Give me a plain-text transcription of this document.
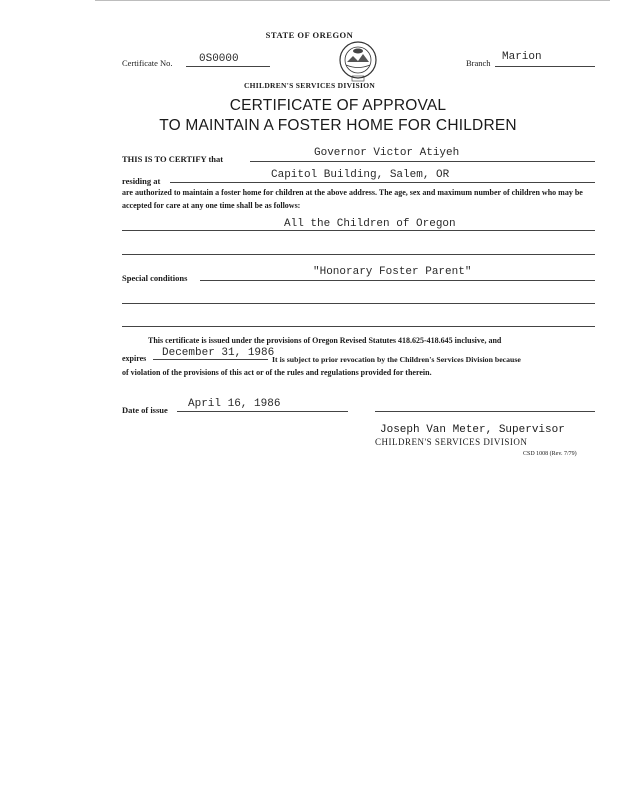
STATE OF OREGON
CHILDREN'S SERVICES DIVISION
CERTIFICATE OF APPROVAL
TO MAINTAIN A FOSTER HOME FOR CHILDREN
Certificate No. 0S0000	Branch Marion
THIS IS TO CERTIFY that	Governor Victor Atiyeh
residing at	Capitol Building, Salem, OR
are authorized to maintain a foster home for children at the above address. The age, sex and maximum number of children who may be accepted for care at any one time shall be as follows:
All the Children of Oregon
Special conditions	"Honorary Foster Parent"
This certificate is issued under the provisions of Oregon Revised Statutes 418.625-418.645 inclusive, and
expires December 31, 1986
It is subject to prior revocation by the Children's Services Division because
of violation of the provisions of this act or of the rules and regulations provided for therein.
Date of issue April 16, 1986
Joseph Van Meter, Supervisor
CHILDREN'S SERVICES DIVISION
CSD 1008 (Rev. 7/79)
